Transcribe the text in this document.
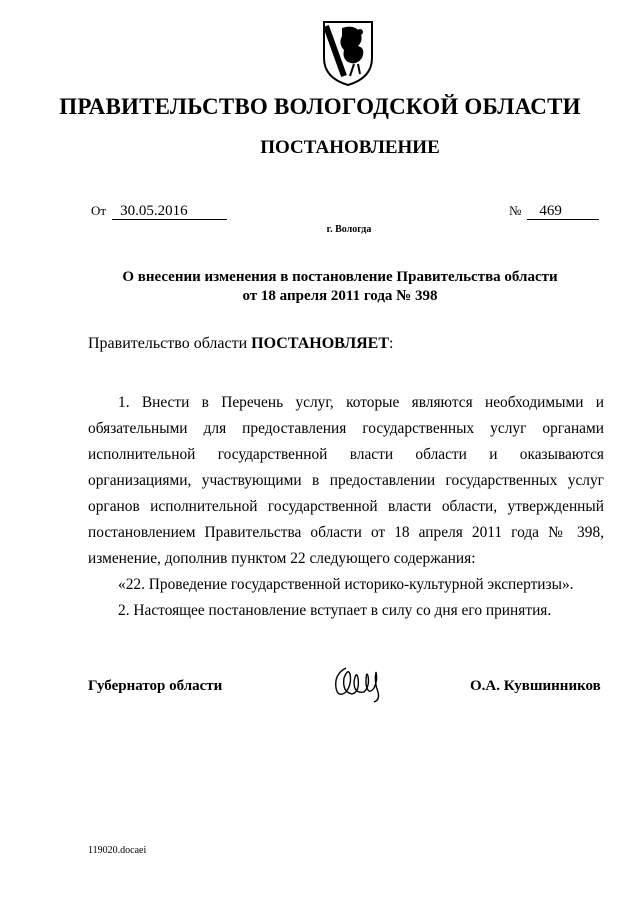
ПРАВИТЕЛЬСТВО ВОЛОГОДСКОЙ ОБЛАСТИ
ПОСТАНОВЛЕНИЕ
От 30.05.2016	№ 469
г. Вологда
О внесении изменения в постановление Правительства области
от 18 апреля 2011 года № 398
Правительство области ПОСТАНОВЛЯЕТ:

1. Внести в Перечень услуг, которые являются необходимыми и обязательными для предоставления государственных услуг органами исполнительной государственной власти области и оказываются организациями, участвующими в предоставлении государственных услуг органов исполнительной государственной власти области, утвержденный постановлением Правительства области от 18 апреля 2011 года № 398, изменение, дополнив пунктом 22 следующего содержания:

«22. Проведение государственной историко-культурной экспертизы».

2. Настоящее постановление вступает в силу со дня его принятия.

Губернатор области	О.А. Кувшинников
119020.docaei
